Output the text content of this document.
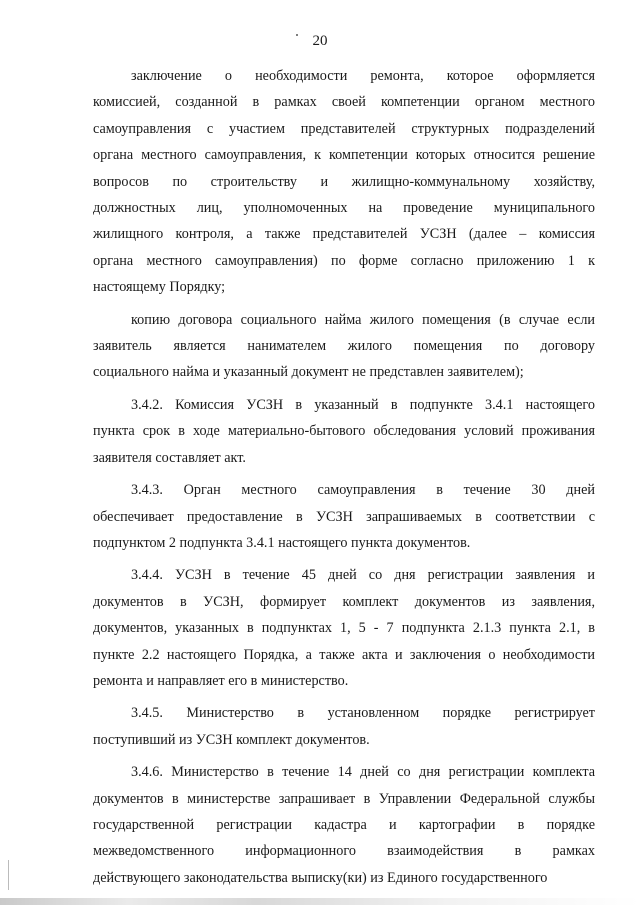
20
заключение о необходимости ремонта, которое оформляется
комиссией, созданной в рамках своей компетенции органом местного
самоуправления с участием представителей структурных подразделений
органа местного самоуправления, к компетенции которых относится решение
вопросов по строительству и жилищно-коммунальному хозяйству,
должностных лиц, уполномоченных на проведение муниципального
жилищного контроля, а также представителей УСЗН (далее – комиссия
органа местного самоуправления) по форме согласно приложению 1 к
настоящему Порядку;
копию договора социального найма жилого помещения (в случае если
заявитель является нанимателем жилого помещения по договору
социального найма и указанный документ не представлен заявителем);
3.4.2. Комиссия УСЗН в указанный в подпункте 3.4.1 настоящего
пункта срок в ходе материально-бытового обследования условий проживания
заявителя составляет акт.
3.4.3. Орган местного самоуправления в течение 30 дней
обеспечивает предоставление в УСЗН запрашиваемых в соответствии с
подпунктом 2 подпункта 3.4.1 настоящего пункта документов.
3.4.4. УСЗН в течение 45 дней со дня регистрации заявления и
документов в УСЗН, формирует комплект документов из заявления,
документов, указанных в подпунктах 1, 5 - 7 подпункта 2.1.3 пункта 2.1, в
пункте 2.2 настоящего Порядка, а также акта и заключения о необходимости
ремонта и направляет его в министерство.
3.4.5. Министерство в установленном порядке регистрирует
поступивший из УСЗН комплект документов.
3.4.6. Министерство в течение 14 дней со дня регистрации комплекта
документов в министерстве запрашивает в Управлении Федеральной службы
государственной регистрации кадастра и картографии в порядке
межведомственного информационного взаимодействия в рамках
действующего законодательства выписку(ки) из Единого государственного
